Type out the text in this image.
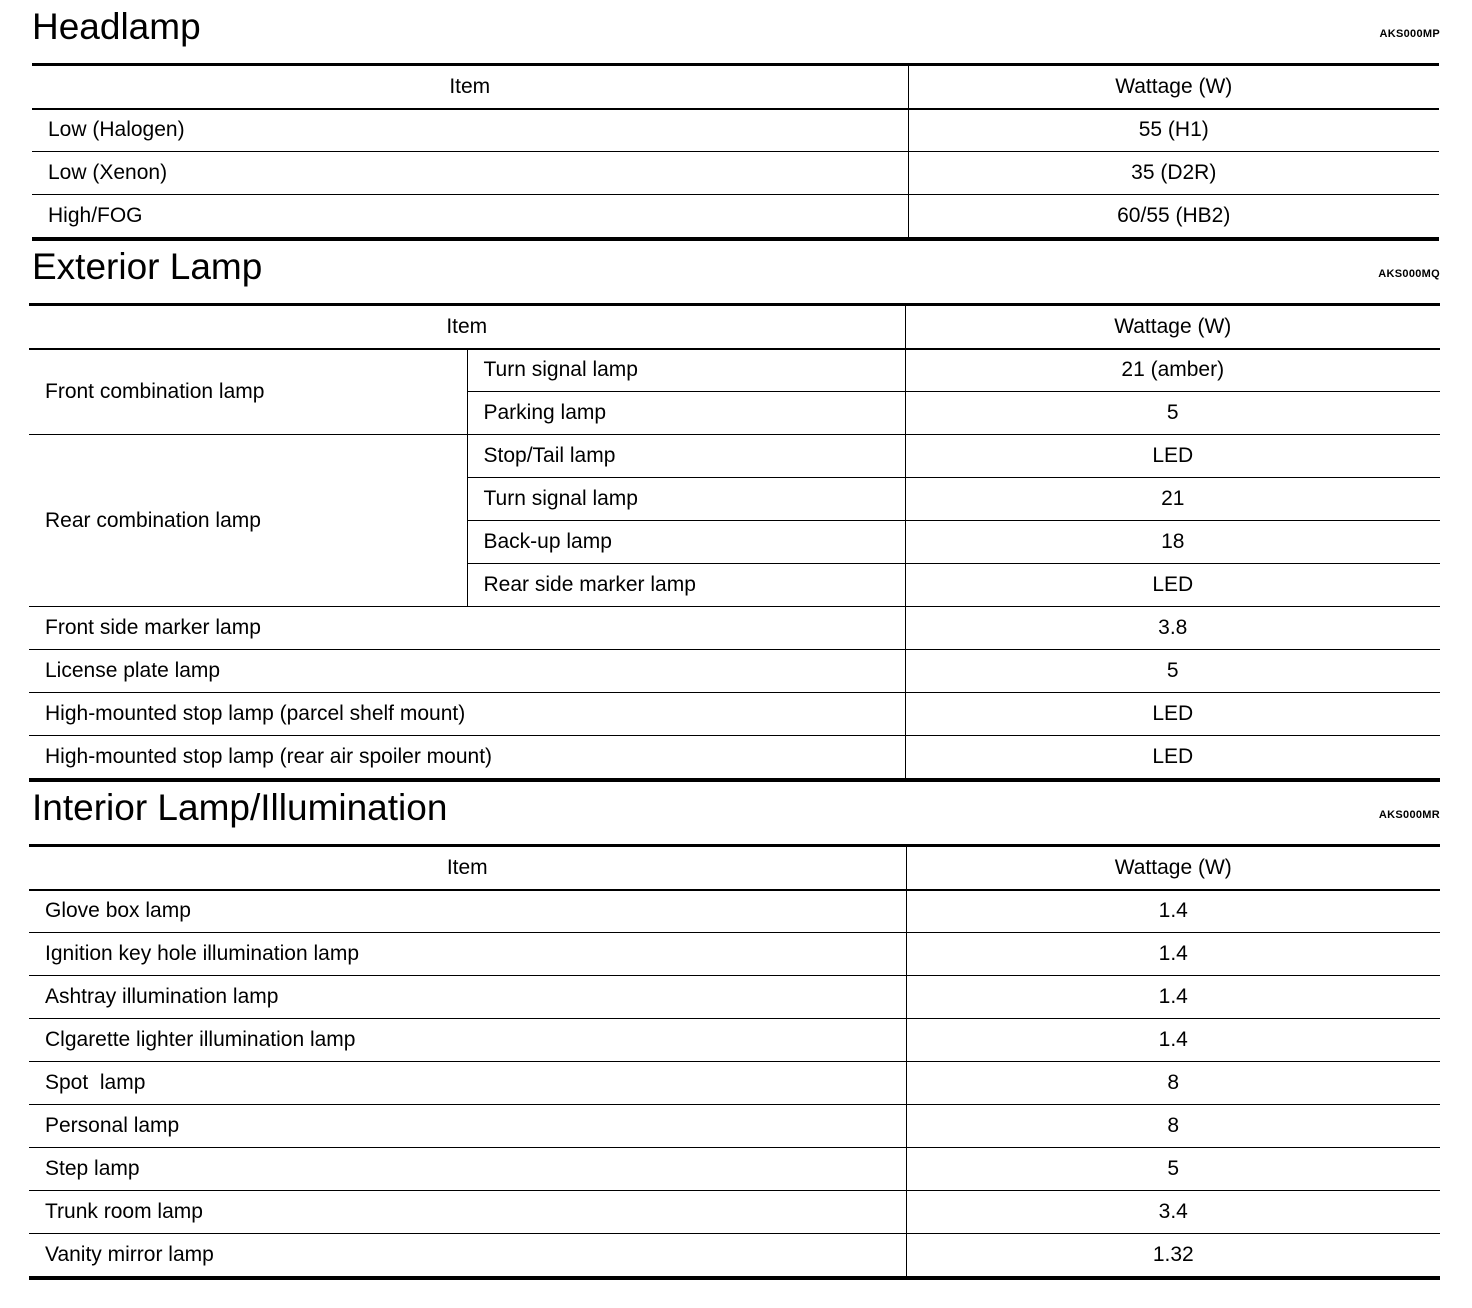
Headlamp	AKS000MP
Item	Wattage (W)
Low (Halogen)	55 (H1)
Low (Xenon)	35 (D2R)
High/FOG	60/55 (HB2)
Exterior Lamp	AKS000MQ
Item		Wattage (W)
Front combination lamp	Turn signal lamp	21 (amber)
	Parking lamp	5
Rear combination lamp	Stop/Tail lamp	LED
	Turn signal lamp	21
	Back-up lamp	18
	Rear side marker lamp	LED
Front side marker lamp		3.8
License plate lamp		5
High-mounted stop lamp (parcel shelf mount)		LED
High-mounted stop lamp (rear air spoiler mount)		LED
Interior Lamp/Illumination	AKS000MR
Item	Wattage (W)
Glove box lamp	1.4
Ignition key hole illumination lamp	1.4
Ashtray illumination lamp	1.4
Clgarette lighter illumination lamp	1.4
Spot  lamp	8
Personal lamp	8
Step lamp	5
Trunk room lamp	3.4
Vanity mirror lamp	1.32
